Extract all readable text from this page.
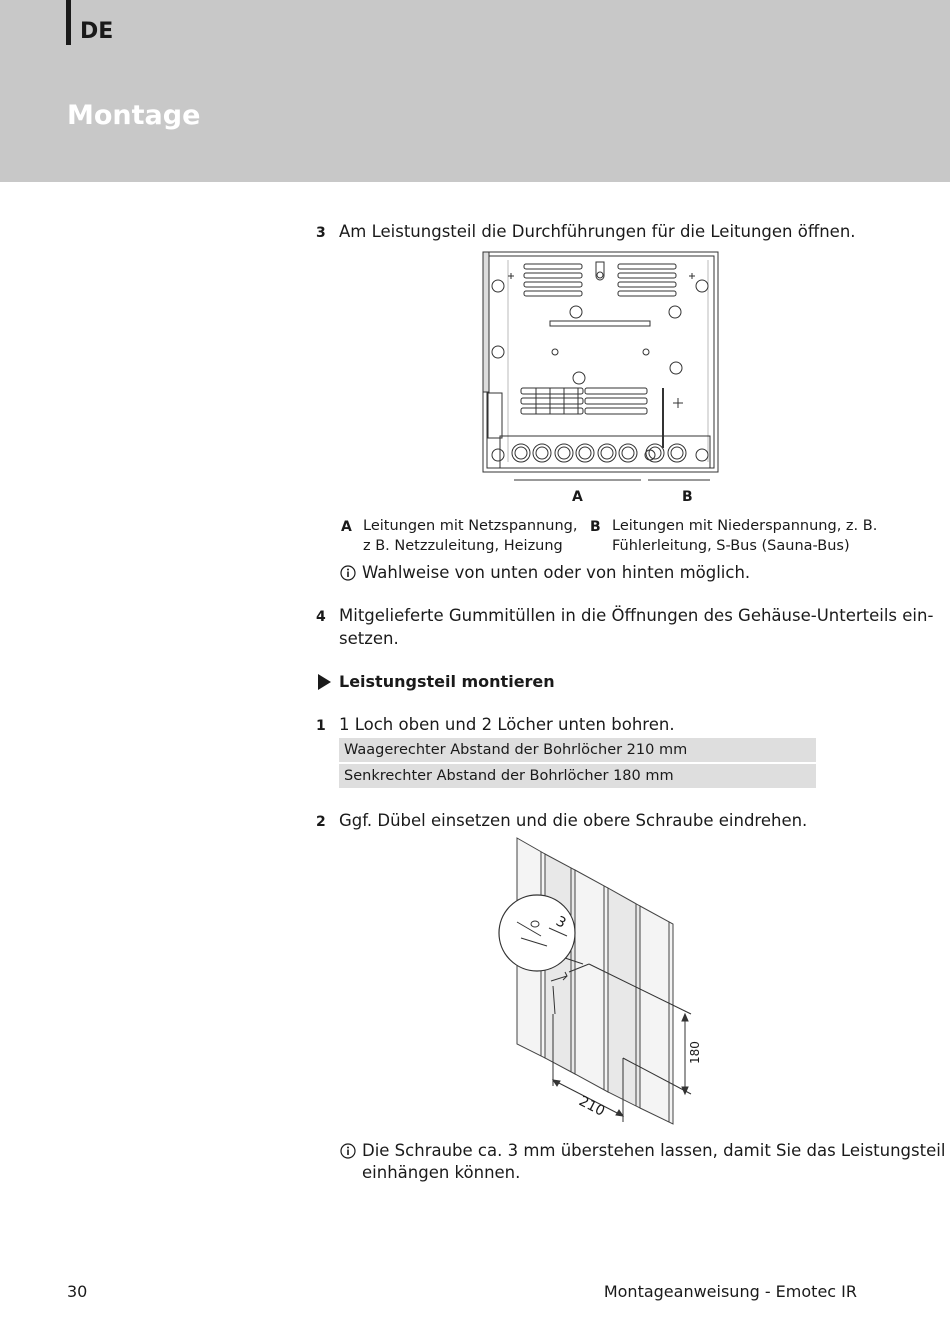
DE
Montage
3 Am Leistungsteil die Durchführungen für die Leitungen öffnen.
A	B
A Leitungen mit Netzspannung,
z B. Netzzuleitung, Heizung
B Leitungen mit Niederspannung, z. B.
Fühlerleitung, S-Bus (Sauna-Bus)
Wahlweise von unten oder von hinten möglich.
4 Mitgelieferte Gummitüllen in die Öffnungen des Gehäuse-Unterteils ein-
setzen.
Leistungsteil montieren
1 1 Loch oben und 2 Löcher unten bohren.
Waagerechter Abstand der Bohrlöcher 210 mm
Senkrechter Abstand der Bohrlöcher 180 mm
2 Ggf. Dübel einsetzen und die obere Schraube eindrehen.
3
210
180
Die Schraube ca. 3 mm überstehen lassen, damit Sie das Leistungsteil
einhängen können.
30	Montageanweisung - Emotec IR
